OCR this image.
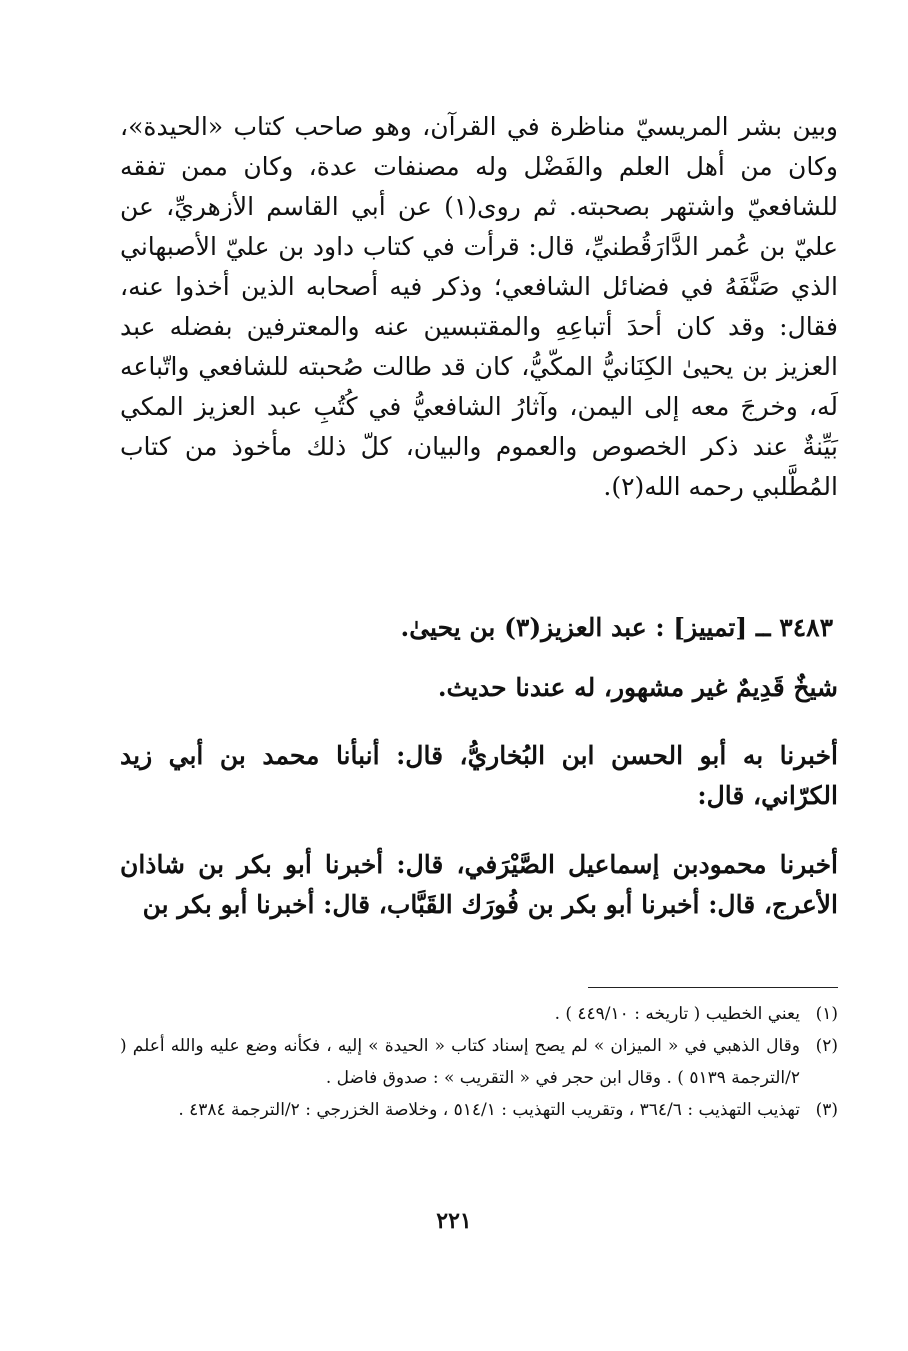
وبين بشر المريسيّ مناظرة في القرآن، وهو صاحب كتاب «الحيدة»، وكان من أهل العلم والفَضْل وله مصنفات عدة، وكان ممن تفقه للشافعيّ واشتهر بصحبته. ثم روى(١) عن أبي القاسم الأزهريِّ، عن عليّ بن عُمر الدَّارَقُطنيِّ، قال: قرأت في كتاب داود بن عليّ الأصبهاني الذي صَنَّفَهُ في فضائل الشافعي؛ وذكر فيه أصحابه الذين أخذوا عنه، فقال: وقد كان أحدَ أتباعِهِ والمقتبسين عنه والمعترفين بفضله عبد العزيز بن يحيىٰ الكِنَانيُّ المكّيُّ، كان قد طالت صُحبته للشافعي واتّباعه لَه، وخرجَ معه إلى اليمن، وآثارُ الشافعيُّ في كُتُبِ عبد العزيز المكي بَيِّنةٌ عند ذكر الخصوص والعموم والبيان، كلّ ذلك مأخوذ من كتاب المُطَّلبي رحمه الله(٢).

٣٤٨٣ ــ [تمييز] : عبد العزيز(٣) بن يحيىٰ.
شيخٌ قَدِيمٌ غير مشهور، له عندنا حديث.
أخبرنا به أبو الحسن ابن البُخاريُّ، قال: أنبأنا محمد بن أبي زيد الكرّاني، قال:
أخبرنا محمودبن إسماعيل الصَّيْرَفي، قال: أخبرنا أبو بكر بن شاذان الأعرج، قال: أخبرنا أبو بكر بن فُورَك القَبَّاب، قال: أخبرنا أبو بكر بن
(١)
يعني الخطيب ( تاريخه : ٤٤٩/١٠ ) .
(٢)
وقال الذهبي في « الميزان » لم يصح إسناد كتاب « الحيدة » إليه ، فكأنه وضع عليه والله أعلم ( ٢/الترجمة ٥١٣٩ ) . وقال ابن حجر في « التقريب » : صدوق فاضل .
(٣)
تهذيب التهذيب : ٣٦٤/٦ ، وتقريب التهذيب : ٥١٤/١ ، وخلاصة الخزرجي : ٢/الترجمة ٤٣٨٤ .
٢٢١
